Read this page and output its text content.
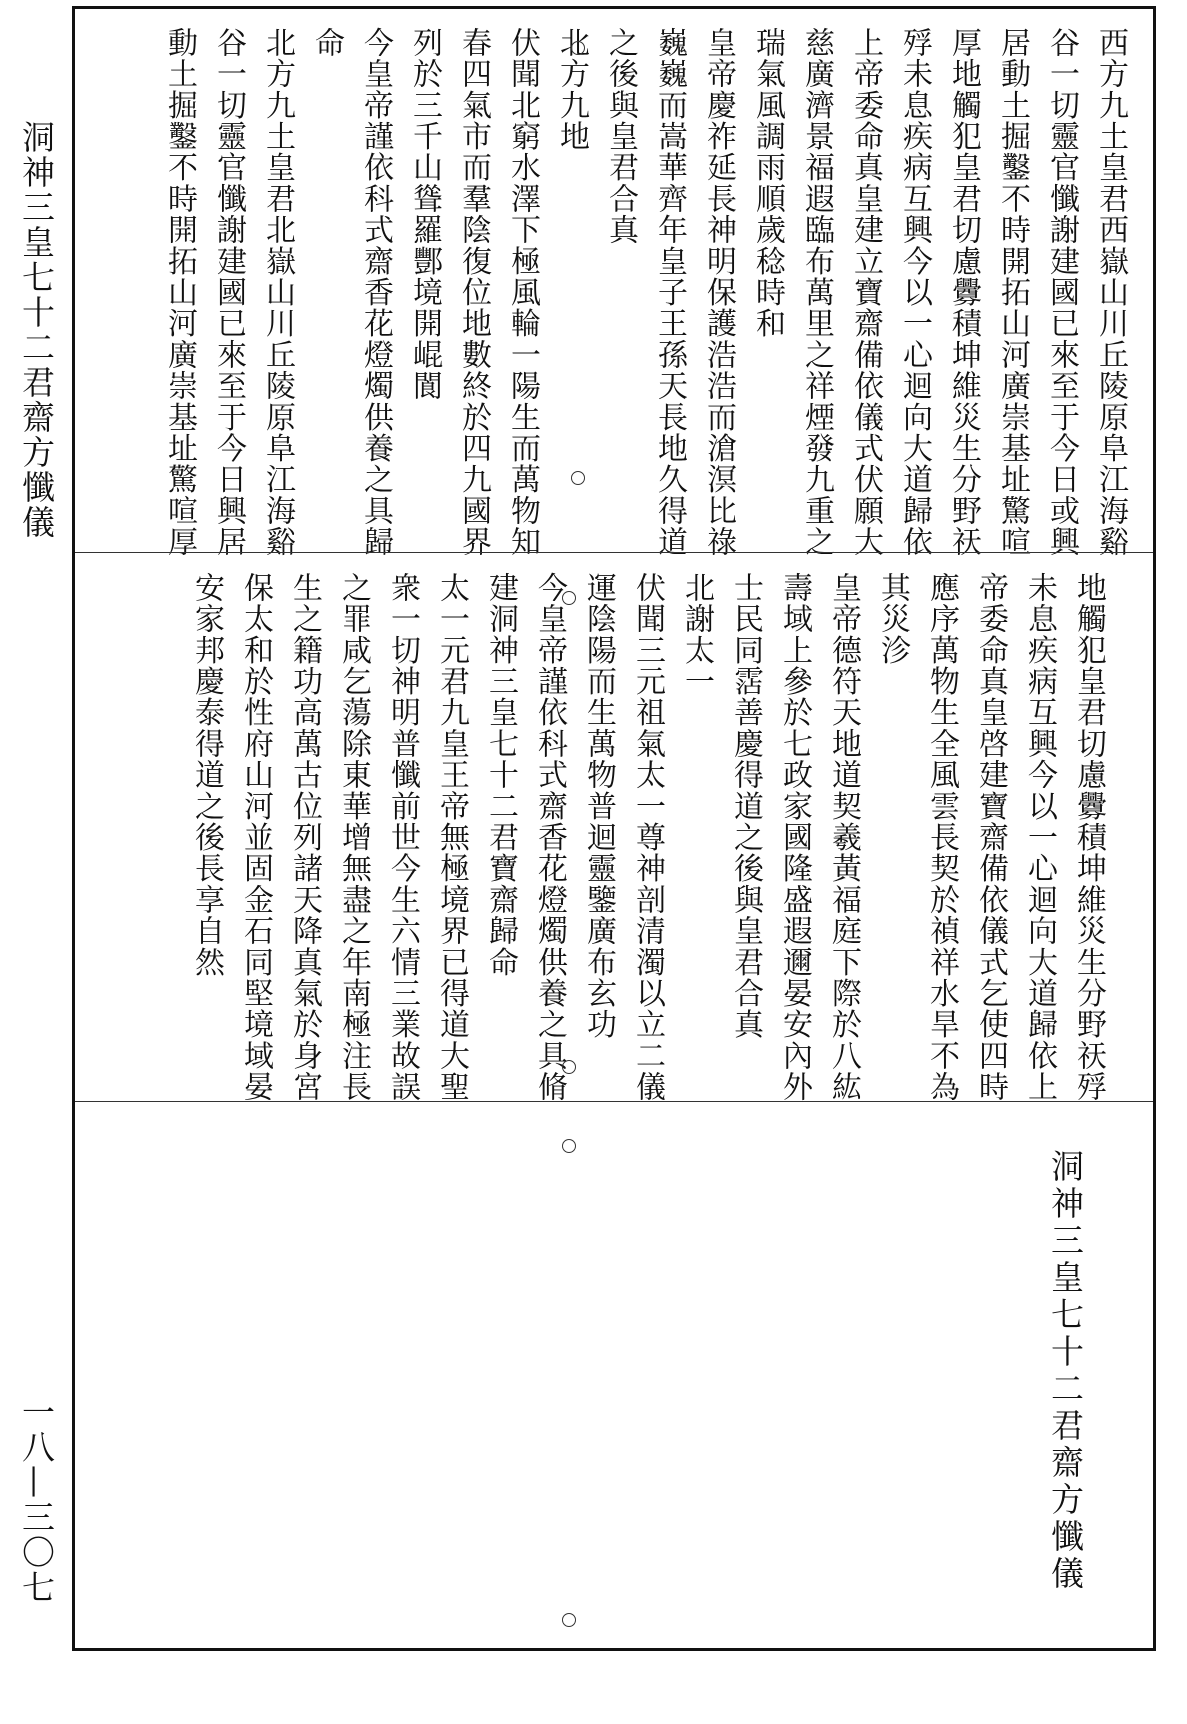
洞神三皇七十二君齋方懺儀
一八—三〇七
西方九土皇君西嶽山川丘陵原阜江海谿
谷一切靈官懺謝建國已來至于今日或興
居動土掘鑿不時開拓山河廣崇基址驚喧
厚地觸犯皇君切慮釁積坤維災生分野祆
殍未息疾病互興今以一心迴向大道歸依
上帝委命真皇建立寶齋備依儀式伏願大
慈廣濟景福遐臨布萬里之祥煙發九重之
瑞氣風調雨順歲稔時和
皇帝慶祚延長神明保護浩浩而滄溟比祿
巍巍而嵩華齊年皇子王孫天長地久得道
之後與皇君合真
北方九地
伏聞北窮水澤下極風輪一陽生而萬物知
春四氣市而羣陰復位地數終於四九國界
列於三千山聳羅酆境開崐閬
今皇帝謹依科式齋香花燈燭供養之具歸
命
北方九土皇君北嶽山川丘陵原阜江海谿
谷一切靈官懺謝建國已來至于今日興居
動土掘鑿不時開拓山河廣崇基址驚喧厚
地觸犯皇君切慮釁積坤維災生分野祆殍
未息疾病互興今以一心迴向大道歸依上
帝委命真皇啓建寶齋備依儀式乞使四時
應序萬物生全風雲長契於禎祥水旱不為
其災沴
皇帝德符天地道契羲黃福庭下際於八紘
壽域上參於七政家國隆盛遐邇晏安內外
士民同霑善慶得道之後與皇君合真
北謝太一
伏聞三元祖氣太一尊神剖清濁以立二儀
運陰陽而生萬物普迴靈鑒廣布玄功
今皇帝謹依科式齋香花燈燭供養之具脩
建洞神三皇七十二君寶齋歸命
太一元君九皇王帝無極境界已得道大聖
衆一切神明普懺前世今生六情三業故誤
之罪咸乞蕩除東華增無盡之年南極注長
生之籍功高萬古位列諸天降真氣於身宮
保太和於性府山河並固金石同堅境域晏
安家邦慶泰得道之後長享自然
洞神三皇七十二君齋方懺儀
